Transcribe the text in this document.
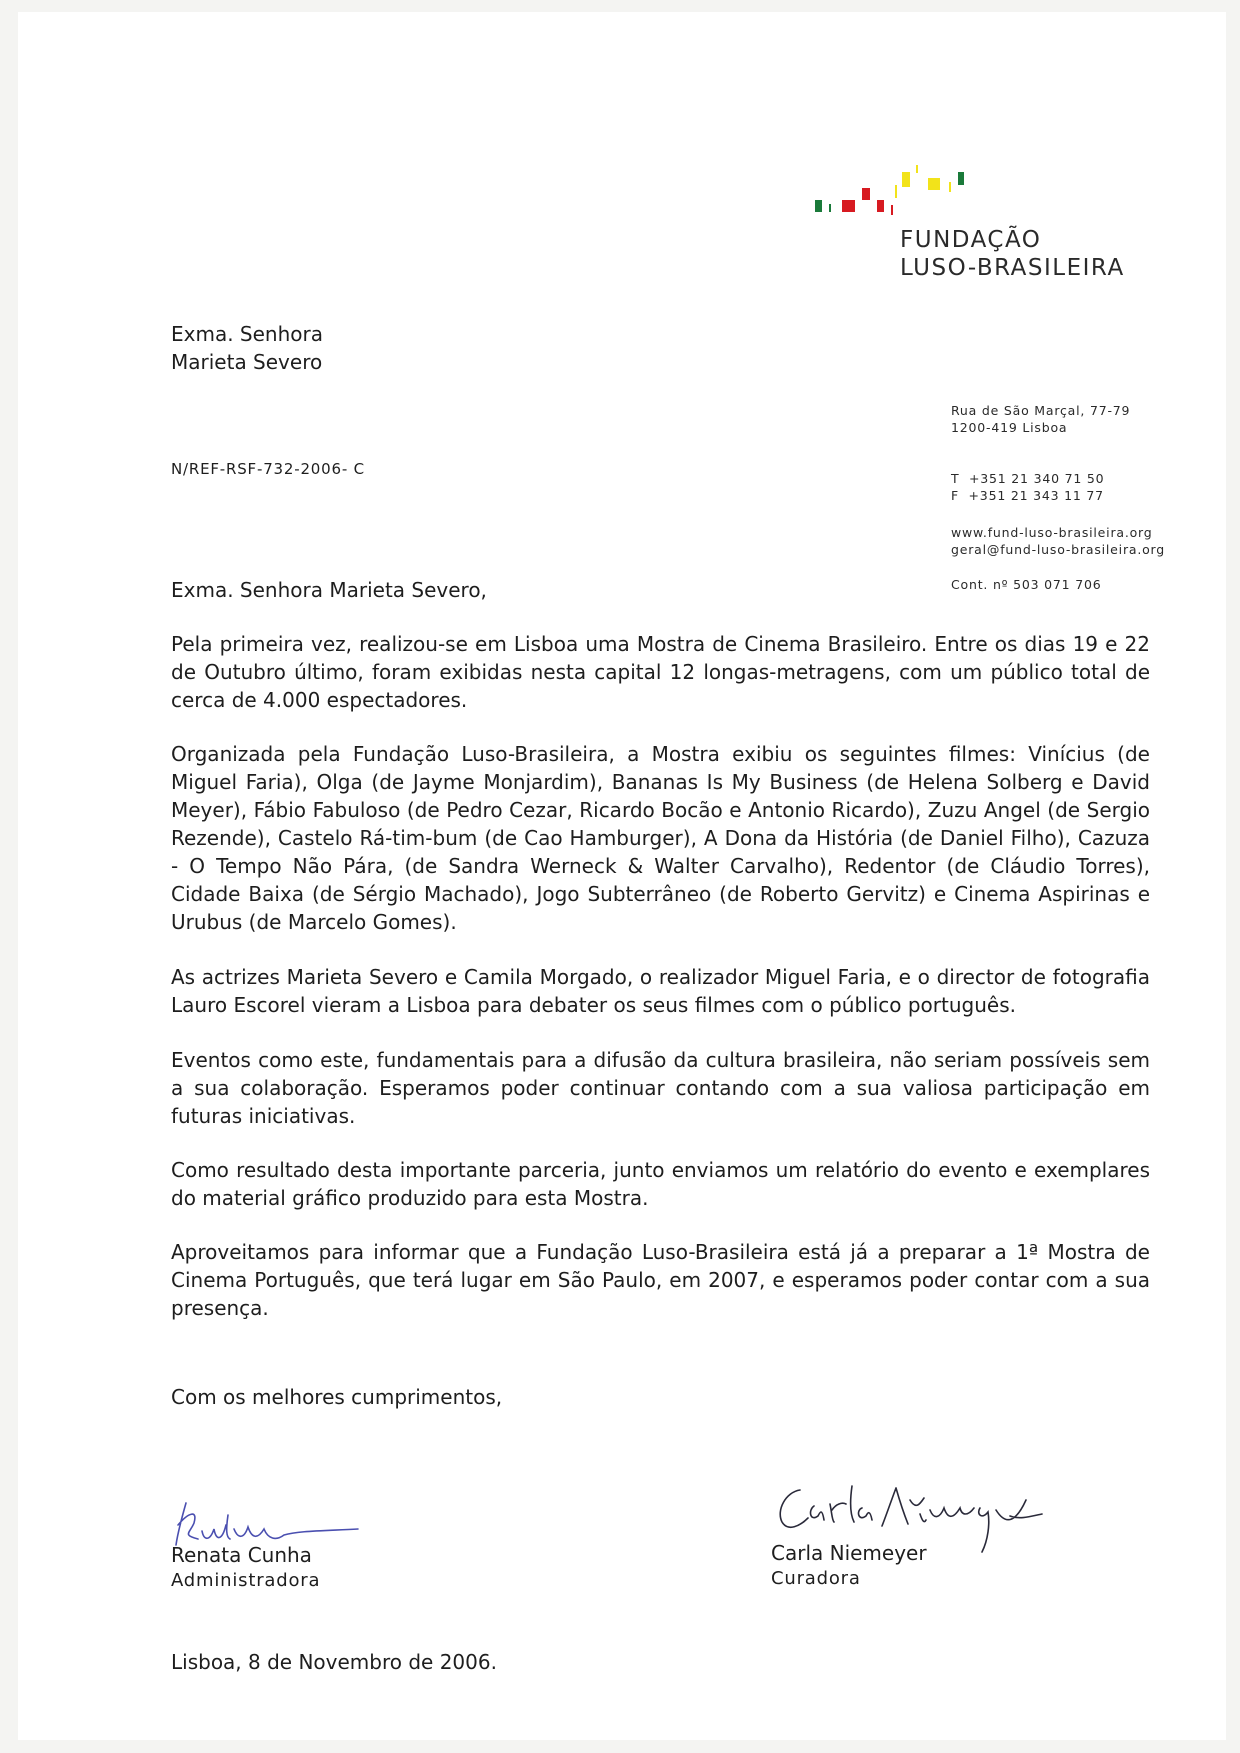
FUNDAÇÃO
LUSO-BRASILEIRA
Exma. Senhora
Marieta Severo
Rua de São Marçal, 77-79
1200-419 Lisboa
T  +351 21 340 71 50
F  +351 21 343 11 77
www.fund-luso-brasileira.org
geral@fund-luso-brasileira.org
Cont. nº 503 071 706
N/REF-RSF-732-2006- C
Exma. Senhora Marieta Severo,

Pela primeira vez, realizou-se em Lisboa uma Mostra de Cinema Brasileiro. Entre os dias 19 e 22 de Outubro último, foram exibidas nesta capital 12 longas-metragens, com um público total de cerca de 4.000 espectadores.

Organizada pela Fundação Luso-Brasileira, a Mostra exibiu os seguintes filmes: Vinícius (de Miguel Faria), Olga (de Jayme Monjardim), Bananas Is My Business (de Helena Solberg e David Meyer), Fábio Fabuloso (de Pedro Cezar, Ricardo Bocão e Antonio Ricardo), Zuzu Angel (de Sergio Rezende), Castelo Rá-tim-bum (de Cao Hamburger), A Dona da História (de Daniel Filho), Cazuza - O Tempo Não Pára, (de Sandra Werneck & Walter Carvalho), Redentor (de Cláudio Torres), Cidade Baixa (de Sérgio Machado), Jogo Subterrâneo (de Roberto Gervitz) e Cinema Aspirinas e Urubus (de Marcelo Gomes).

As actrizes Marieta Severo e Camila Morgado, o realizador Miguel Faria, e o director de fotografia Lauro Escorel vieram a Lisboa para debater os seus filmes com o público português.

Eventos como este, fundamentais para a difusão da cultura brasileira, não seriam possíveis sem a sua colaboração. Esperamos poder continuar contando com a sua valiosa participação em futuras iniciativas.

Como resultado desta importante parceria, junto enviamos um relatório do evento e exemplares do material gráfico produzido para esta Mostra.

Aproveitamos para informar que a Fundação Luso-Brasileira está já a preparar a 1ª Mostra de Cinema Português, que terá lugar em São Paulo, em 2007, e esperamos poder contar com a sua presença.

Com os melhores cumprimentos,
Renata Cunha
Administradora
Carla Niemeyer
Curadora
Lisboa, 8 de Novembro de 2006.
